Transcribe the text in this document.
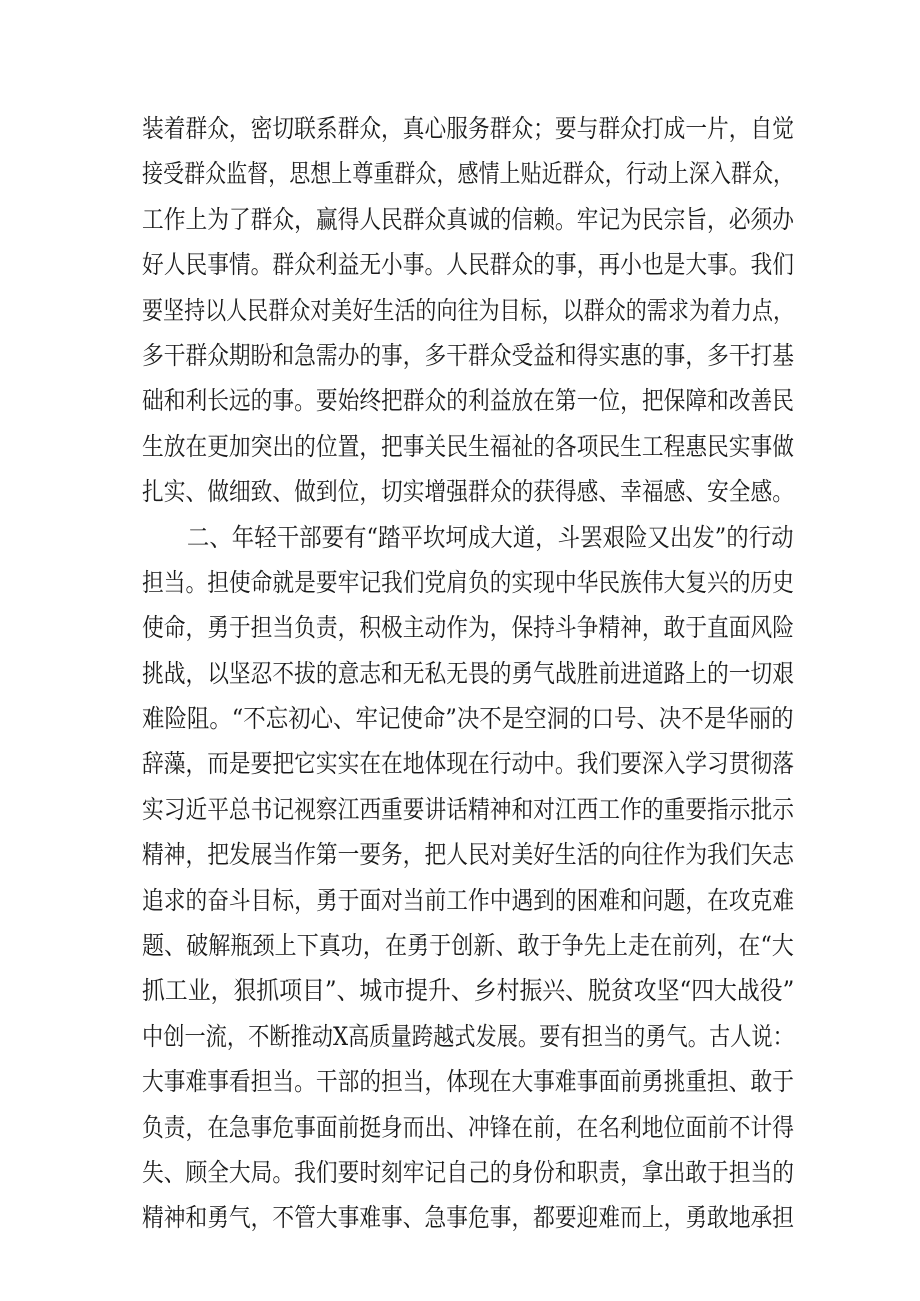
装着群众，密切联系群众，真心服务群众；要与群众打成一片，自觉
接受群众监督，思想上尊重群众，感情上贴近群众，行动上深入群众，
工作上为了群众，赢得人民群众真诚的信赖。牢记为民宗旨，必须办
好人民事情。群众利益无小事。人民群众的事，再小也是大事。我们
要坚持以人民群众对美好生活的向往为目标，以群众的需求为着力点，
多干群众期盼和急需办的事，多干群众受益和得实惠的事，多干打基
础和利长远的事。要始终把群众的利益放在第一位，把保障和改善民
生放在更加突出的位置，把事关民生福祉的各项民生工程惠民实事做
扎实、做细致、做到位，切实增强群众的获得感、幸福感、安全感。
二、年轻干部要有“踏平坎坷成大道，斗罢艰险又出发”的行动
担当。担使命就是要牢记我们党肩负的实现中华民族伟大复兴的历史
使命，勇于担当负责，积极主动作为，保持斗争精神，敢于直面风险
挑战，以坚忍不拔的意志和无私无畏的勇气战胜前进道路上的一切艰
难险阻。“不忘初心、牢记使命”决不是空洞的口号、决不是华丽的
辞藻，而是要把它实实在在地体现在行动中。我们要深入学习贯彻落
实习近平总书记视察江西重要讲话精神和对江西工作的重要指示批示
精神，把发展当作第一要务，把人民对美好生活的向往作为我们矢志
追求的奋斗目标，勇于面对当前工作中遇到的困难和问题，在攻克难
题、破解瓶颈上下真功，在勇于创新、敢于争先上走在前列，在“大
抓工业，狠抓项目”、城市提升、乡村振兴、脱贫攻坚“四大战役”
中创一流，不断推动X高质量跨越式发展。要有担当的勇气。古人说：
大事难事看担当。干部的担当，体现在大事难事面前勇挑重担、敢于
负责，在急事危事面前挺身而出、冲锋在前，在名利地位面前不计得
失、顾全大局。我们要时刻牢记自己的身份和职责，拿出敢于担当的
精神和勇气，不管大事难事、急事危事，都要迎难而上，勇敢地承担
